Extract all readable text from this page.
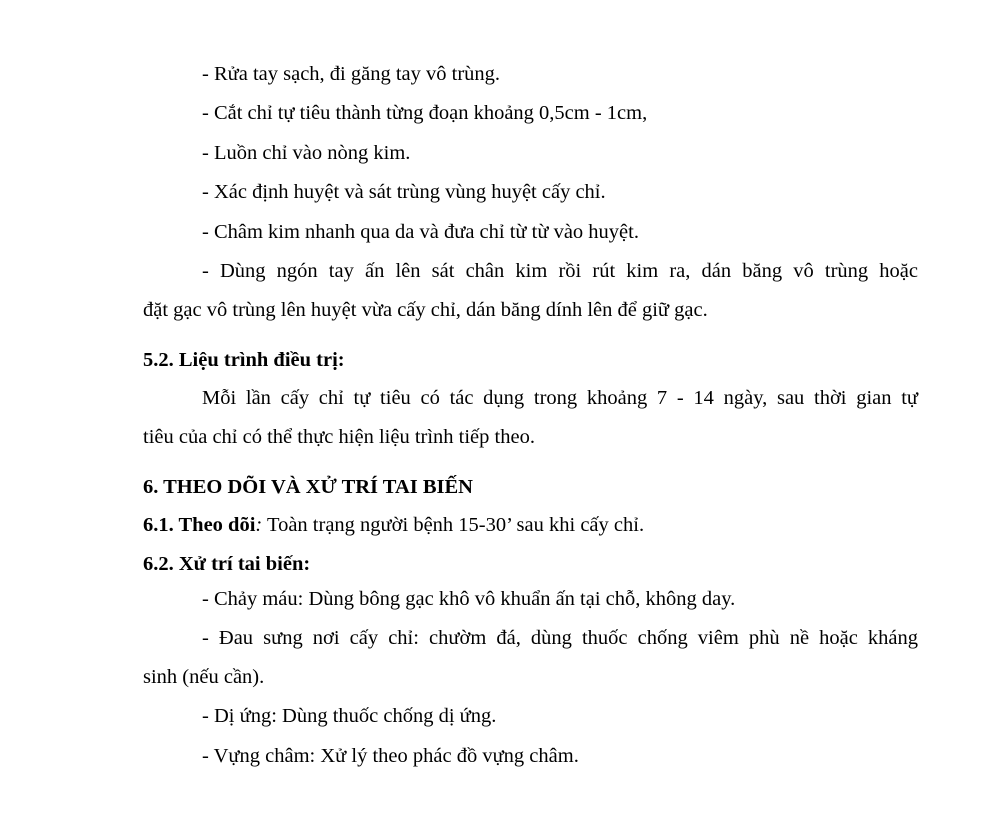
- Rửa tay sạch, đi găng tay vô trùng.
- Cắt chỉ tự tiêu thành từng đoạn khoảng 0,5cm - 1cm,
- Luồn chỉ vào nòng kim.
- Xác định huyệt và sát trùng vùng huyệt cấy chỉ.
- Châm kim nhanh qua da và đưa chỉ từ từ vào huyệt.
- Dùng ngón tay ấn lên sát chân kim rồi rút kim ra, dán băng vô trùng hoặc
đặt gạc vô trùng lên huyệt vừa cấy chỉ, dán băng dính lên để giữ gạc.
5.2. Liệu trình điều trị:
Mỗi lần cấy chỉ tự tiêu có tác dụng trong khoảng 7 - 14 ngày, sau thời gian tự
tiêu của chỉ có thể thực hiện liệu trình tiếp theo.
6. THEO DÕI VÀ XỬ TRÍ TAI BIẾN
6.1. Theo dõi: Toàn trạng người bệnh 15-30’ sau khi cấy chỉ.
6.2. Xử trí tai biến:
- Chảy máu: Dùng bông gạc khô vô khuẩn ấn tại chỗ, không day.
- Đau sưng nơi cấy chỉ: chườm đá, dùng thuốc chống viêm phù nề hoặc kháng
sinh (nếu cần).
- Dị ứng: Dùng thuốc chống dị ứng.
- Vựng châm: Xử lý theo phác đồ vựng châm.
